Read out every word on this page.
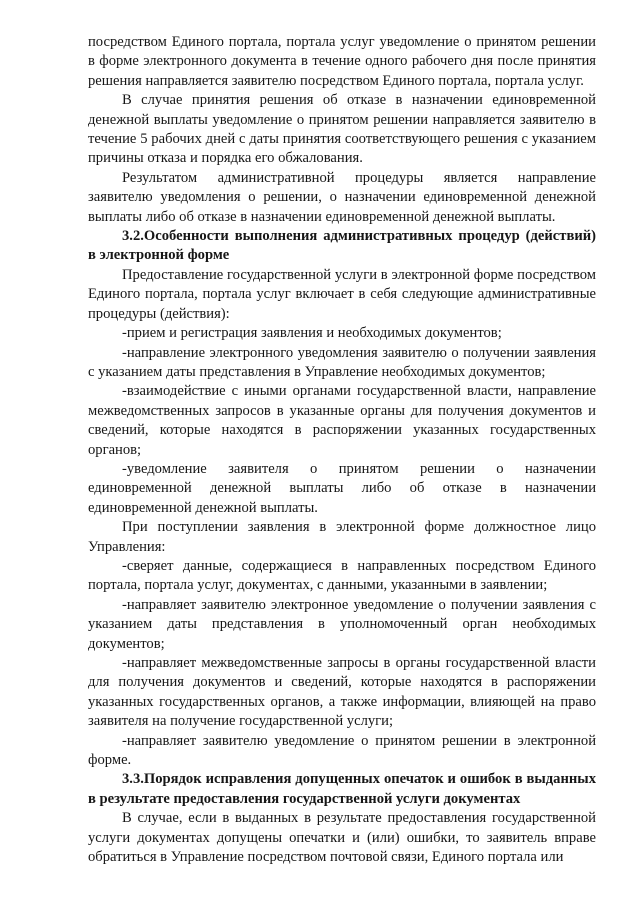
посредством Единого портала, портала услуг уведомление о принятом решении в форме электронного документа в течение одного рабочего дня после принятия решения направляется заявителю посредством Единого портала, портала услуг.

В случае принятия решения об отказе в назначении единовременной денежной выплаты уведомление о принятом решении направляется заявителю в течение 5 рабочих дней с даты принятия соответствующего решения с указанием причины отказа и порядка его обжалования.

Результатом административной процедуры является направление заявителю уведомления о решении, о назначении единовременной денежной выплаты либо об отказе в назначении единовременной денежной выплаты.

3.2.Особенности выполнения административных процедур (действий) в электронной форме

Предоставление государственной услуги в электронной форме посредством Единого портала, портала услуг включает в себя следующие административные процедуры (действия):

-прием и регистрация заявления и необходимых документов;

-направление электронного уведомления заявителю о получении заявления с указанием даты представления в Управление необходимых документов;

-взаимодействие с иными органами государственной власти, направление межведомственных запросов в указанные органы для получения документов и сведений, которые находятся в распоряжении указанных государственных органов;

-уведомление заявителя о принятом решении о назначении единовременной денежной выплаты либо об отказе в назначении единовременной денежной выплаты.

При поступлении заявления в электронной форме должностное лицо Управления:

-сверяет данные, содержащиеся в направленных посредством Единого портала, портала услуг, документах, с данными, указанными в заявлении;

-направляет заявителю электронное уведомление о получении заявления с указанием даты представления в уполномоченный орган необходимых документов;

-направляет межведомственные запросы в органы государственной власти для получения документов и сведений, которые находятся в распоряжении указанных государственных органов, а также информации, влияющей на право заявителя на получение государственной услуги;

-направляет заявителю уведомление о принятом решении в электронной форме.

3.3.Порядок исправления допущенных опечаток и ошибок в выданных в результате предоставления государственной услуги документах

В случае, если в выданных в результате предоставления государственной услуги документах допущены опечатки и (или) ошибки, то заявитель вправе обратиться в Управление посредством почтовой связи, Единого портала или
